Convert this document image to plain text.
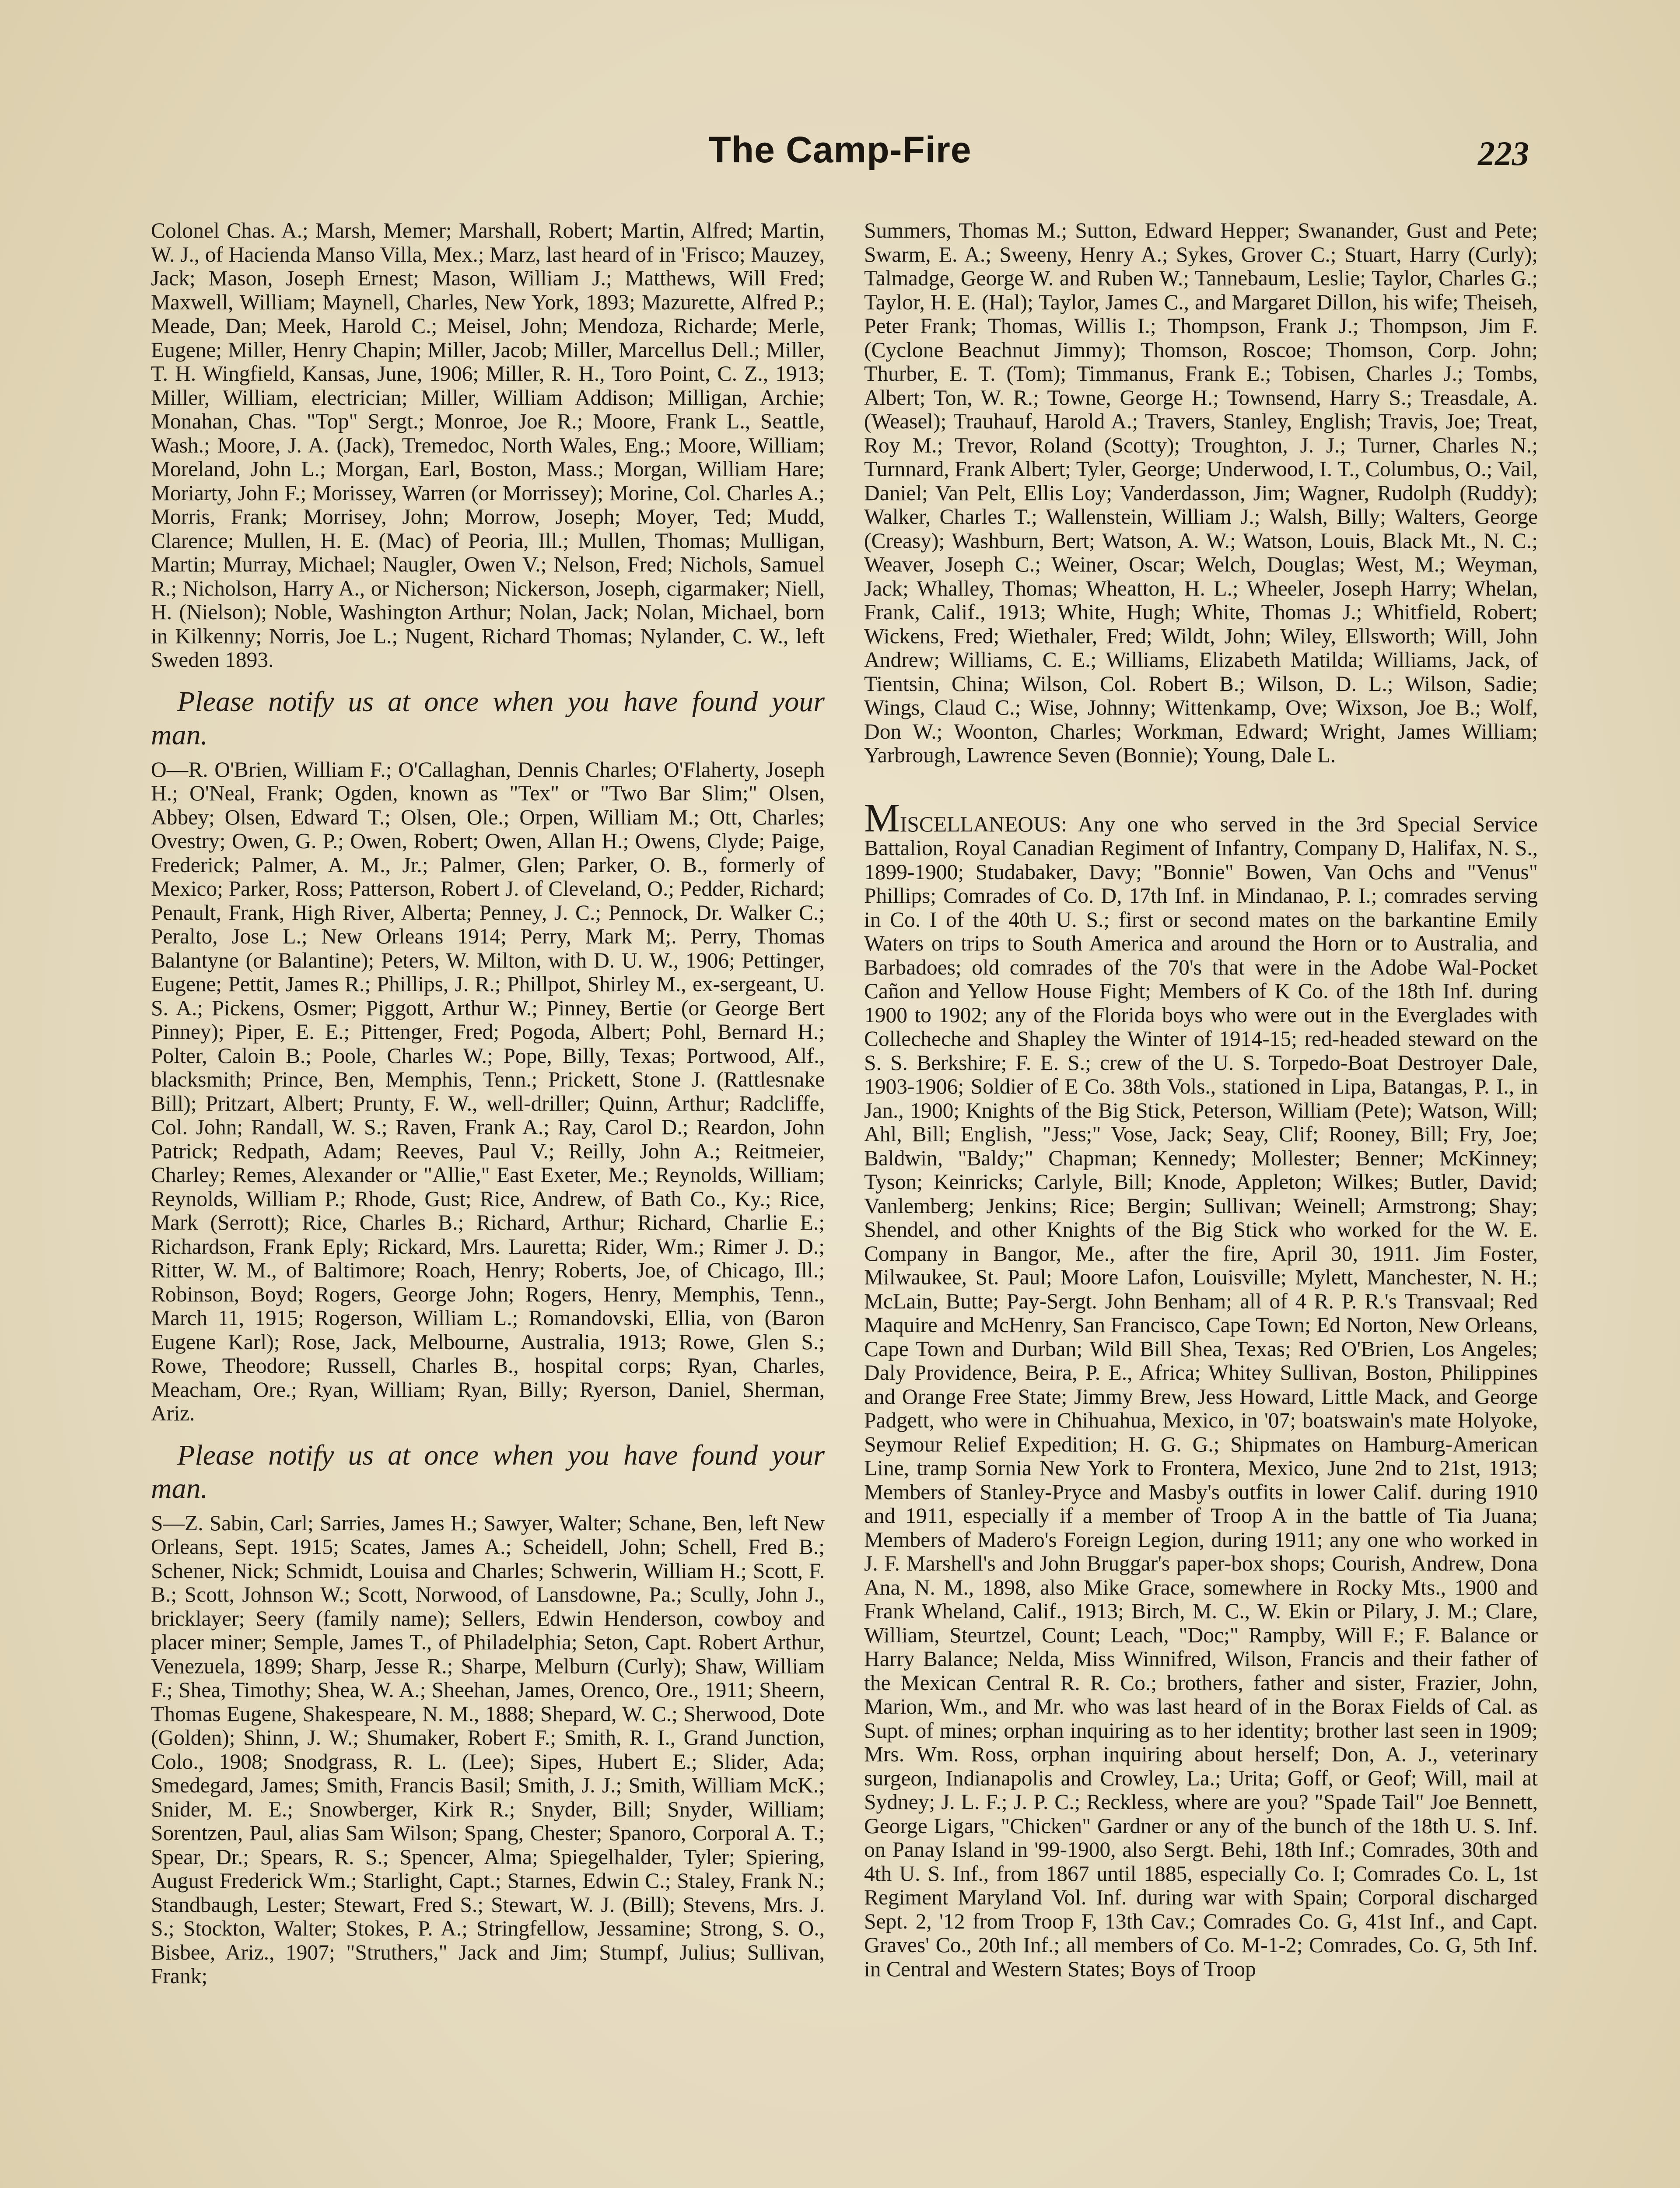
The Camp-Fire	223

Colonel Chas. A.; Marsh, Memer; Marshall, Robert; Martin, Alfred; Martin, W. J., of Hacienda Manso Villa, Mex.; Marz, last heard of in 'Frisco; Mauzey, Jack; Mason, Joseph Ernest; Mason, William J.; Matthews, Will Fred; Maxwell, William; Maynell, Charles, New York, 1893; Mazurette, Alfred P.; Meade, Dan; Meek, Harold C.; Meisel, John; Mendoza, Richarde; Merle, Eugene; Miller, Henry Chapin; Miller, Jacob; Miller, Marcellus Dell.; Miller, T. H. Wingfield, Kansas, June, 1906; Miller, R. H., Toro Point, C. Z., 1913; Miller, William, electrician; Miller, William Addison; Milligan, Archie; Monahan, Chas. "Top" Sergt.; Monroe, Joe R.; Moore, Frank L., Seattle, Wash.; Moore, J. A. (Jack), Tremedoc, North Wales, Eng.; Moore, William; Moreland, John L.; Morgan, Earl, Boston, Mass.; Morgan, William Hare; Moriarty, John F.; Morissey, Warren (or Morrissey); Morine, Col. Charles A.; Morris, Frank; Morrisey, John; Morrow, Joseph; Moyer, Ted; Mudd, Clarence; Mullen, H. E. (Mac) of Peoria, Ill.; Mullen, Thomas; Mulligan, Martin; Murray, Michael; Naugler, Owen V.; Nelson, Fred; Nichols, Samuel R.; Nicholson, Harry A., or Nicherson; Nickerson, Joseph, cigarmaker; Niell, H. (Nielson); Noble, Washington Arthur; Nolan, Jack; Nolan, Michael, born in Kilkenny; Norris, Joe L.; Nugent, Richard Thomas; Nylander, C. W., left Sweden 1893.

Please notify us at once when you have found your man.

O—R. O'Brien, William F.; O'Callaghan, Dennis Charles; O'Flaherty, Joseph H.; O'Neal, Frank; Ogden, known as "Tex" or "Two Bar Slim;" Olsen, Abbey; Olsen, Edward T.; Olsen, Ole.; Orpen, William M.; Ott, Charles; Ovestry; Owen, G. P.; Owen, Robert; Owen, Allan H.; Owens, Clyde; Paige, Frederick; Palmer, A. M., Jr.; Palmer, Glen; Parker, O. B., formerly of Mexico; Parker, Ross; Patterson, Robert J. of Cleveland, O.; Pedder, Richard; Penault, Frank, High River, Alberta; Penney, J. C.; Pennock, Dr. Walker C.; Peralto, Jose L.; New Orleans 1914; Perry, Mark M;. Perry, Thomas Balantyne (or Balantine); Peters, W. Milton, with D. U. W., 1906; Pettinger, Eugene; Pettit, James R.; Phillips, J. R.; Phillpot, Shirley M., ex-sergeant, U. S. A.; Pickens, Osmer; Piggott, Arthur W.; Pinney, Bertie (or George Bert Pinney); Piper, E. E.; Pittenger, Fred; Pogoda, Albert; Pohl, Bernard H.; Polter, Caloin B.; Poole, Charles W.; Pope, Billy, Texas; Portwood, Alf., blacksmith; Prince, Ben, Memphis, Tenn.; Prickett, Stone J. (Rattlesnake Bill); Pritzart, Albert; Prunty, F. W., well-driller; Quinn, Arthur; Radcliffe, Col. John; Randall, W. S.; Raven, Frank A.; Ray, Carol D.; Reardon, John Patrick; Redpath, Adam; Reeves, Paul V.; Reilly, John A.; Reitmeier, Charley; Remes, Alexander or "Allie," East Exeter, Me.; Reynolds, William; Reynolds, William P.; Rhode, Gust; Rice, Andrew, of Bath Co., Ky.; Rice, Mark (Serrott); Rice, Charles B.; Richard, Arthur; Richard, Charlie E.; Richardson, Frank Eply; Rickard, Mrs. Lauretta; Rider, Wm.; Rimer J. D.; Ritter, W. M., of Baltimore; Roach, Henry; Roberts, Joe, of Chicago, Ill.; Robinson, Boyd; Rogers, George John; Rogers, Henry, Memphis, Tenn., March 11, 1915; Rogerson, William L.; Romandovski, Ellia, von (Baron Eugene Karl); Rose, Jack, Melbourne, Australia, 1913; Rowe, Glen S.; Rowe, Theodore; Russell, Charles B., hospital corps; Ryan, Charles, Meacham, Ore.; Ryan, William; Ryan, Billy; Ryerson, Daniel, Sherman, Ariz.

Please notify us at once when you have found your man.

S—Z. Sabin, Carl; Sarries, James H.; Sawyer, Walter; Schane, Ben, left New Orleans, Sept. 1915; Scates, James A.; Scheidell, John; Schell, Fred B.; Schener, Nick; Schmidt, Louisa and Charles; Schwerin, William H.; Scott, F. B.; Scott, Johnson W.; Scott, Norwood, of Lansdowne, Pa.; Scully, John J., bricklayer; Seery (family name); Sellers, Edwin Henderson, cowboy and placer miner; Semple, James T., of Philadelphia; Seton, Capt. Robert Arthur, Venezuela, 1899; Sharp, Jesse R.; Sharpe, Melburn (Curly); Shaw, William F.; Shea, Timothy; Shea, W. A.; Sheehan, James, Orenco, Ore., 1911; Sheern, Thomas Eugene, Shakespeare, N. M., 1888; Shepard, W. C.; Sherwood, Dote (Golden); Shinn, J. W.; Shumaker, Robert F.; Smith, R. I., Grand Junction, Colo., 1908; Snodgrass, R. L. (Lee); Sipes, Hubert E.; Slider, Ada; Smedegard, James; Smith, Francis Basil; Smith, J. J.; Smith, William McK.; Snider, M. E.; Snowberger, Kirk R.; Snyder, Bill; Snyder, William; Sorentzen, Paul, alias Sam Wilson; Spang, Chester; Spanoro, Corporal A. T.; Spear, Dr.; Spears, R. S.; Spencer, Alma; Spiegelhalder, Tyler; Spiering, August Frederick Wm.; Starlight, Capt.; Starnes, Edwin C.; Staley, Frank N.; Standbaugh, Lester; Stewart, Fred S.; Stewart, W. J. (Bill); Stevens, Mrs. J. S.; Stockton, Walter; Stokes, P. A.; Stringfellow, Jessamine; Strong, S. O., Bisbee, Ariz., 1907; "Struthers," Jack and Jim; Stumpf, Julius; Sullivan, Frank;

Summers, Thomas M.; Sutton, Edward Hepper; Swanander, Gust and Pete; Swarm, E. A.; Sweeny, Henry A.; Sykes, Grover C.; Stuart, Harry (Curly); Talmadge, George W. and Ruben W.; Tannebaum, Leslie; Taylor, Charles G.; Taylor, H. E. (Hal); Taylor, James C., and Margaret Dillon, his wife; Theiseh, Peter Frank; Thomas, Willis I.; Thompson, Frank J.; Thompson, Jim F. (Cyclone Beachnut Jimmy); Thomson, Roscoe; Thomson, Corp. John; Thurber, E. T. (Tom); Timmanus, Frank E.; Tobisen, Charles J.; Tombs, Albert; Ton, W. R.; Towne, George H.; Townsend, Harry S.; Treasdale, A. (Weasel); Trauhauf, Harold A.; Travers, Stanley, English; Travis, Joe; Treat, Roy M.; Trevor, Roland (Scotty); Troughton, J. J.; Turner, Charles N.; Turnnard, Frank Albert; Tyler, George; Underwood, I. T., Columbus, O.; Vail, Daniel; Van Pelt, Ellis Loy; Vanderdasson, Jim; Wagner, Rudolph (Ruddy); Walker, Charles T.; Wallenstein, William J.; Walsh, Billy; Walters, George (Creasy); Washburn, Bert; Watson, A. W.; Watson, Louis, Black Mt., N. C.; Weaver, Joseph C.; Weiner, Oscar; Welch, Douglas; West, M.; Weyman, Jack; Whalley, Thomas; Wheatton, H. L.; Wheeler, Joseph Harry; Whelan, Frank, Calif., 1913; White, Hugh; White, Thomas J.; Whitfield, Robert; Wickens, Fred; Wiethaler, Fred; Wildt, John; Wiley, Ellsworth; Will, John Andrew; Williams, C. E.; Williams, Elizabeth Matilda; Williams, Jack, of Tientsin, China; Wilson, Col. Robert B.; Wilson, D. L.; Wilson, Sadie; Wings, Claud C.; Wise, Johnny; Wittenkamp, Ove; Wixson, Joe B.; Wolf, Don W.; Woonton, Charles; Workman, Edward; Wright, James William; Yarbrough, Lawrence Seven (Bonnie); Young, Dale L.

MISCELLANEOUS: Any one who served in the 3rd Special Service Battalion, Royal Canadian Regiment of Infantry, Company D, Halifax, N. S., 1899-1900; Studabaker, Davy; "Bonnie" Bowen, Van Ochs and "Venus" Phillips; Comrades of Co. D, 17th Inf. in Mindanao, P. I.; comrades serving in Co. I of the 40th U. S.; first or second mates on the barkantine Emily Waters on trips to South America and around the Horn or to Australia, and Barbadoes; old comrades of the 70's that were in the Adobe Wal-Pocket Cañon and Yellow House Fight; Members of K Co. of the 18th Inf. during 1900 to 1902; any of the Florida boys who were out in the Everglades with Collecheche and Shapley the Winter of 1914-15; red-headed steward on the S. S. Berkshire; F. E. S.; crew of the U. S. Torpedo-Boat Destroyer Dale, 1903-1906; Soldier of E Co. 38th Vols., stationed in Lipa, Batangas, P. I., in Jan., 1900; Knights of the Big Stick, Peterson, William (Pete); Watson, Will; Ahl, Bill; English, "Jess;" Vose, Jack; Seay, Clif; Rooney, Bill; Fry, Joe; Baldwin, "Baldy;" Chapman; Kennedy; Mollester; Benner; McKinney; Tyson; Keinricks; Carlyle, Bill; Knode, Appleton; Wilkes; Butler, David; Vanlemberg; Jenkins; Rice; Bergin; Sullivan; Weinell; Armstrong; Shay; Shendel, and other Knights of the Big Stick who worked for the W. E. Company in Bangor, Me., after the fire, April 30, 1911. Jim Foster, Milwaukee, St. Paul; Moore Lafon, Louisville; Mylett, Manchester, N. H.; McLain, Butte; Pay-Sergt. John Benham; all of 4 R. P. R.'s Transvaal; Red Maquire and McHenry, San Francisco, Cape Town; Ed Norton, New Orleans, Cape Town and Durban; Wild Bill Shea, Texas; Red O'Brien, Los Angeles; Daly Providence, Beira, P. E., Africa; Whitey Sullivan, Boston, Philippines and Orange Free State; Jimmy Brew, Jess Howard, Little Mack, and George Padgett, who were in Chihuahua, Mexico, in '07; boatswain's mate Holyoke, Seymour Relief Expedition; H. G. G.; Shipmates on Hamburg-American Line, tramp Sornia New York to Frontera, Mexico, June 2nd to 21st, 1913; Members of Stanley-Pryce and Masby's outfits in lower Calif. during 1910 and 1911, especially if a member of Troop A in the battle of Tia Juana; Members of Madero's Foreign Legion, during 1911; any one who worked in J. F. Marshell's and John Bruggar's paper-box shops; Courish, Andrew, Dona Ana, N. M., 1898, also Mike Grace, somewhere in Rocky Mts., 1900 and Frank Wheland, Calif., 1913; Birch, M. C., W. Ekin or Pilary, J. M.; Clare, William, Steurtzel, Count; Leach, "Doc;" Rampby, Will F.; F. Balance or Harry Balance; Nelda, Miss Winnifred, Wilson, Francis and their father of the Mexican Central R. R. Co.; brothers, father and sister, Frazier, John, Marion, Wm., and Mr. who was last heard of in the Borax Fields of Cal. as Supt. of mines; orphan inquiring as to her identity; brother last seen in 1909; Mrs. Wm. Ross, orphan inquiring about herself; Don, A. J., veterinary surgeon, Indianapolis and Crowley, La.; Urita; Goff, or Geof; Will, mail at Sydney; J. L. F.; J. P. C.; Reckless, where are you? "Spade Tail" Joe Bennett, George Ligars, "Chicken" Gardner or any of the bunch of the 18th U. S. Inf. on Panay Island in '99-1900, also Sergt. Behi, 18th Inf.; Comrades, 30th and 4th U. S. Inf., from 1867 until 1885, especially Co. I; Comrades Co. L, 1st Regiment Maryland Vol. Inf. during war with Spain; Corporal discharged Sept. 2, '12 from Troop F, 13th Cav.; Comrades Co. G, 41st Inf., and Capt. Graves' Co., 20th Inf.; all members of Co. M-1-2; Comrades, Co. G, 5th Inf. in Central and Western States; Boys of Troop
